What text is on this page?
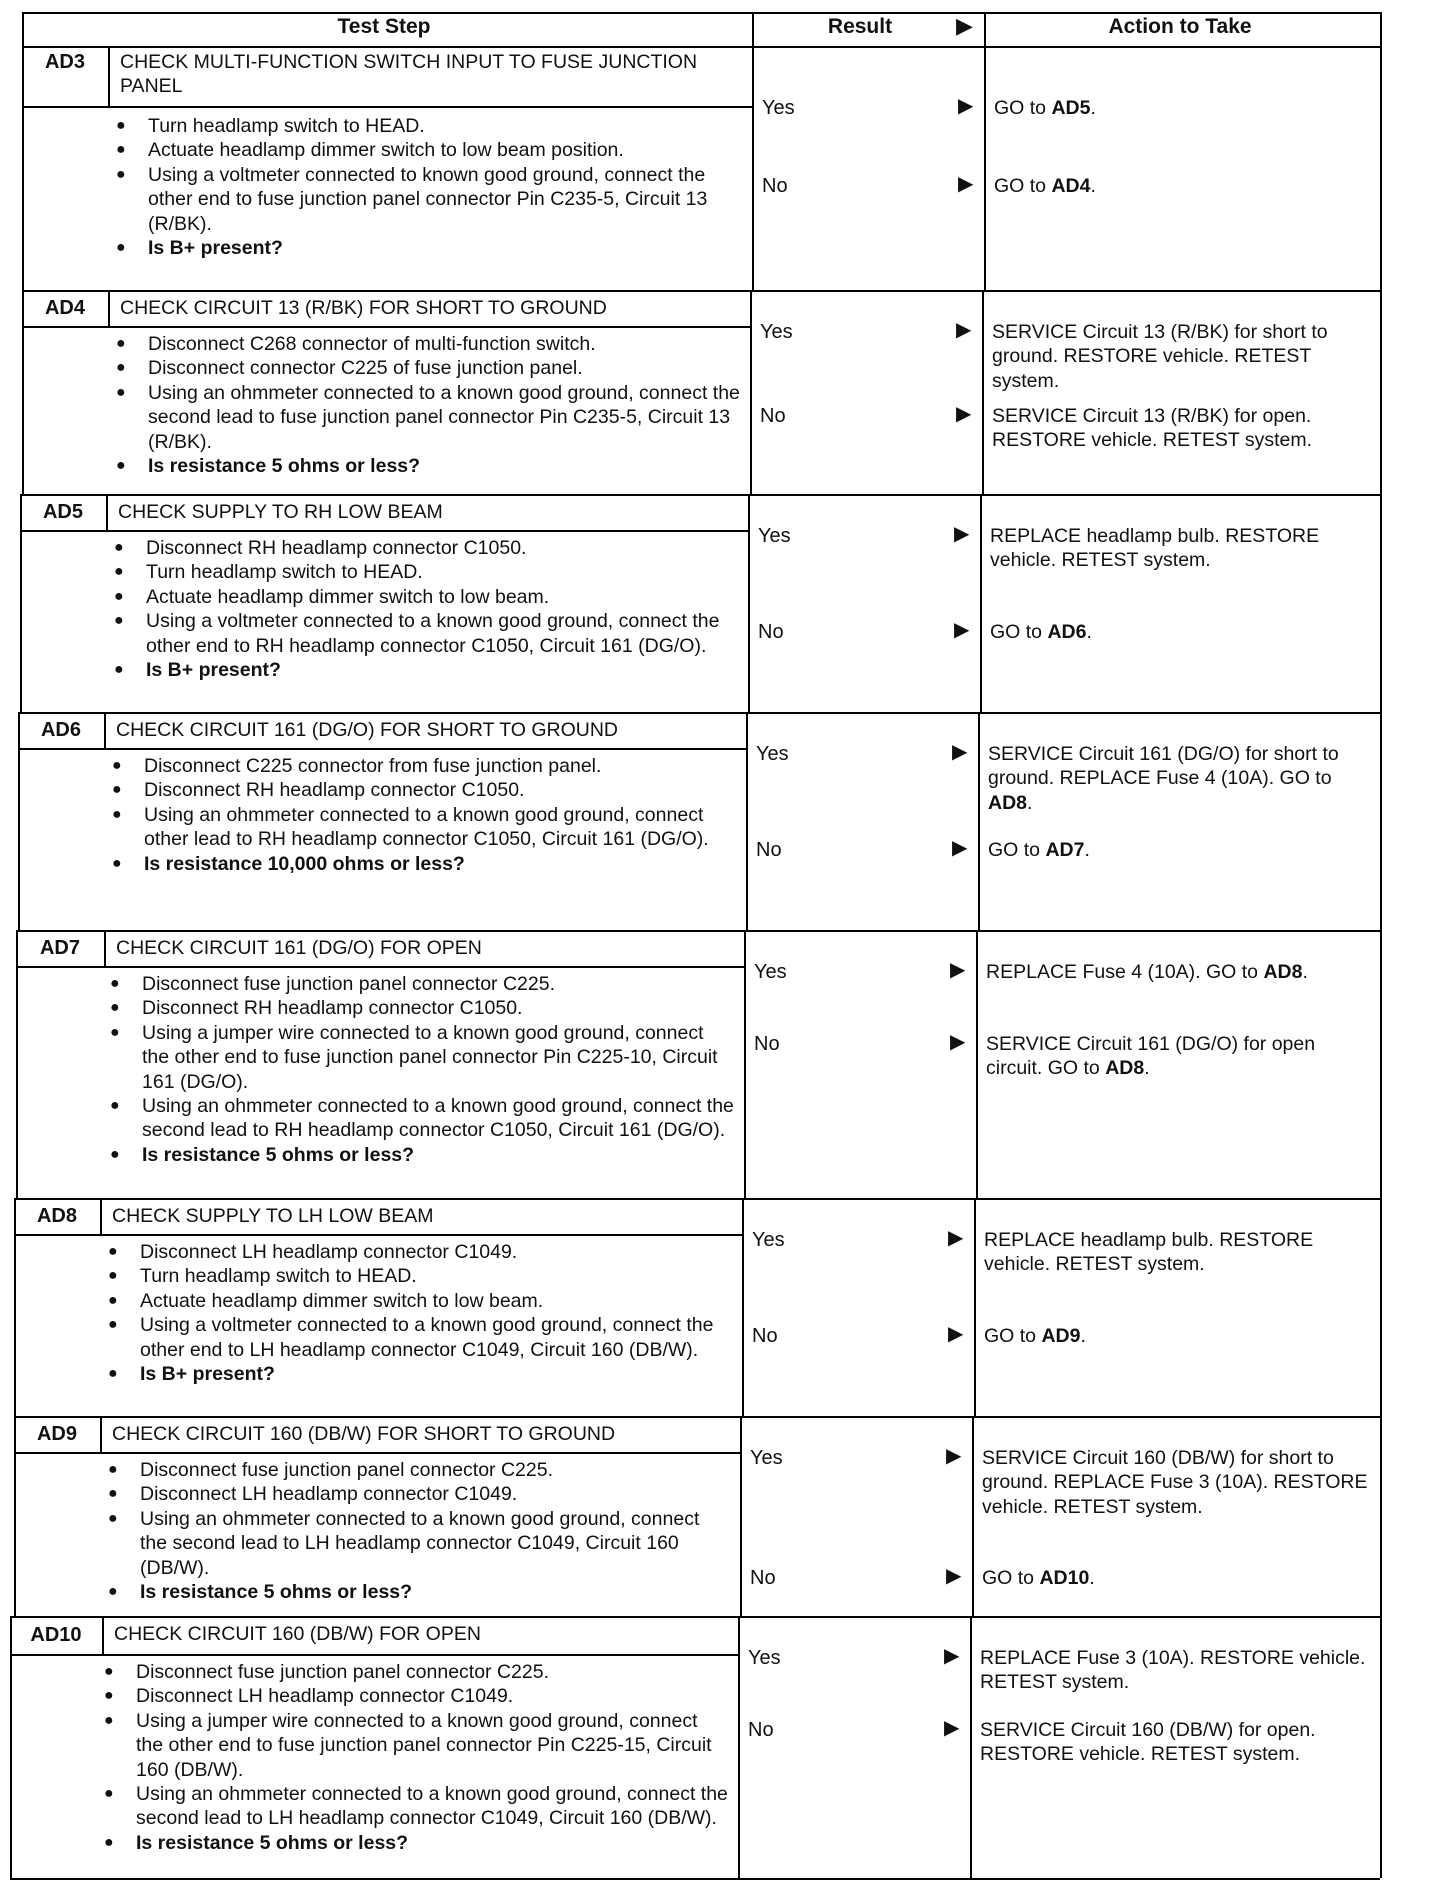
Test Step	Result	▶	Action to Take
AD3	CHECK MULTI-FUNCTION SWITCH INPUT TO FUSE JUNCTION PANEL
● Turn headlamp switch to HEAD.
● Actuate headlamp dimmer switch to low beam position.
● Using a voltmeter connected to known good ground, connect the other end to fuse junction panel connector Pin C235-5, Circuit 13 (R/BK).
● Is B+ present?
Yes	▶	GO to AD5.
No	▶	GO to AD4.
AD4	CHECK CIRCUIT 13 (R/BK) FOR SHORT TO GROUND
● Disconnect C268 connector of multi-function switch.
● Disconnect connector C225 of fuse junction panel.
● Using an ohmmeter connected to a known good ground, connect the second lead to fuse junction panel connector Pin C235-5, Circuit 13 (R/BK).
● Is resistance 5 ohms or less?
Yes	▶	SERVICE Circuit 13 (R/BK) for short to ground. RESTORE vehicle. RETEST system.
No	▶	SERVICE Circuit 13 (R/BK) for open. RESTORE vehicle. RETEST system.
AD5	CHECK SUPPLY TO RH LOW BEAM
● Disconnect RH headlamp connector C1050.
● Turn headlamp switch to HEAD.
● Actuate headlamp dimmer switch to low beam.
● Using a voltmeter connected to a known good ground, connect the other end to RH headlamp connector C1050, Circuit 161 (DG/O).
● Is B+ present?
Yes	▶	REPLACE headlamp bulb. RESTORE vehicle. RETEST system.
No	▶	GO to AD6.
AD6	CHECK CIRCUIT 161 (DG/O) FOR SHORT TO GROUND
● Disconnect C225 connector from fuse junction panel.
● Disconnect RH headlamp connector C1050.
● Using an ohmmeter connected to a known good ground, connect other lead to RH headlamp connector C1050, Circuit 161 (DG/O).
● Is resistance 10,000 ohms or less?
Yes	▶	SERVICE Circuit 161 (DG/O) for short to ground. REPLACE Fuse 4 (10A). GO to AD8.
No	▶	GO to AD7.
AD7	CHECK CIRCUIT 161 (DG/O) FOR OPEN
● Disconnect fuse junction panel connector C225.
● Disconnect RH headlamp connector C1050.
● Using a jumper wire connected to a known good ground, connect the other end to fuse junction panel connector Pin C225-10, Circuit 161 (DG/O).
● Using an ohmmeter connected to a known good ground, connect the second lead to RH headlamp connector C1050, Circuit 161 (DG/O).
● Is resistance 5 ohms or less?
Yes	▶	REPLACE Fuse 4 (10A). GO to AD8.
No	▶	SERVICE Circuit 161 (DG/O) for open circuit. GO to AD8.
AD8	CHECK SUPPLY TO LH LOW BEAM
● Disconnect LH headlamp connector C1049.
● Turn headlamp switch to HEAD.
● Actuate headlamp dimmer switch to low beam.
● Using a voltmeter connected to a known good ground, connect the other end to LH headlamp connector C1049, Circuit 160 (DB/W).
● Is B+ present?
Yes	▶	REPLACE headlamp bulb. RESTORE vehicle. RETEST system.
No	▶	GO to AD9.
AD9	CHECK CIRCUIT 160 (DB/W) FOR SHORT TO GROUND
● Disconnect fuse junction panel connector C225.
● Disconnect LH headlamp connector C1049.
● Using an ohmmeter connected to a known good ground, connect the second lead to LH headlamp connector C1049, Circuit 160 (DB/W).
● Is resistance 5 ohms or less?
Yes	▶	SERVICE Circuit 160 (DB/W) for short to ground. REPLACE Fuse 3 (10A). RESTORE vehicle. RETEST system.
No	▶	GO to AD10.
AD10	CHECK CIRCUIT 160 (DB/W) FOR OPEN
● Disconnect fuse junction panel connector C225.
● Disconnect LH headlamp connector C1049.
● Using a jumper wire connected to a known good ground, connect the other end to fuse junction panel connector Pin C225-15, Circuit 160 (DB/W).
● Using an ohmmeter connected to a known good ground, connect the second lead to LH headlamp connector C1049, Circuit 160 (DB/W).
● Is resistance 5 ohms or less?
Yes	▶	REPLACE Fuse 3 (10A). RESTORE vehicle. RETEST system.
No	▶	SERVICE Circuit 160 (DB/W) for open. RESTORE vehicle. RETEST system.
